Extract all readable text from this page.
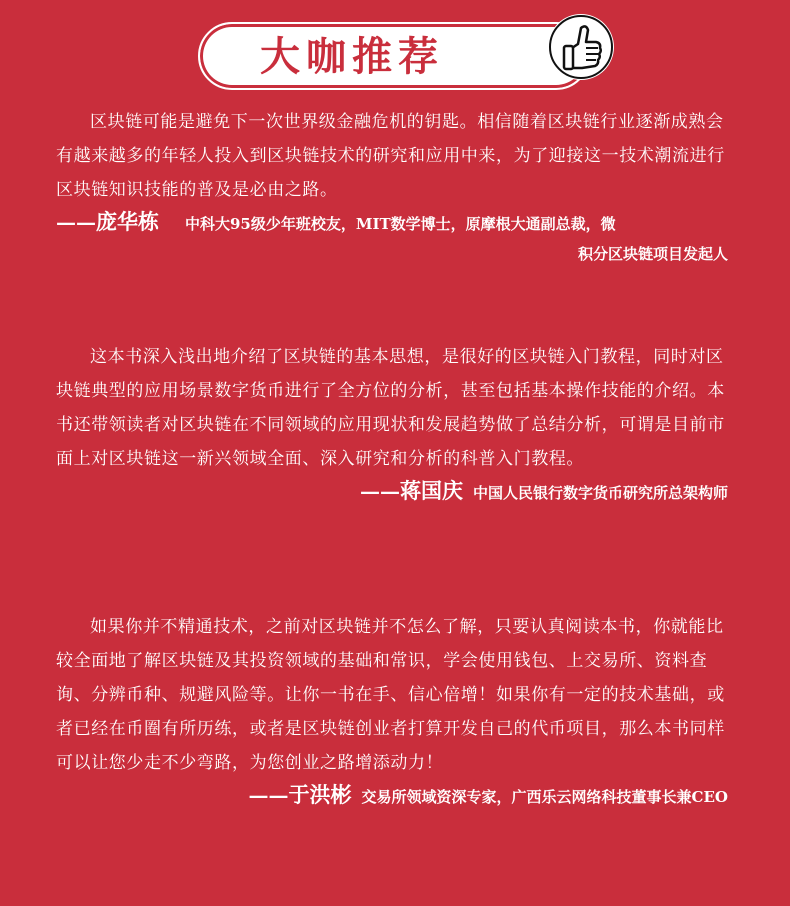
大咖推荐

区块链可能是避免下一次世界级金融危机的钥匙。相信随着区块链行业逐渐成熟会有越来越多的年轻人投入到区块链技术的研究和应用中来，为了迎接这一技术潮流进行区块链知识技能的普及是必由之路。

——庞华栋 中科大95级少年班校友，MIT数学博士，原摩根大通副总裁，微
积分区块链项目发起人

这本书深入浅出地介绍了区块链的基本思想，是很好的区块链入门教程，同时对区块链典型的应用场景数字货币进行了全方位的分析，甚至包括基本操作技能的介绍。本书还带领读者对区块链在不同领域的应用现状和发展趋势做了总结分析，可谓是目前市面上对区块链这一新兴领域全面、深入研究和分析的科普入门教程。

——蒋国庆 中国人民银行数字货币研究所总架构师

如果你并不精通技术，之前对区块链并不怎么了解，只要认真阅读本书，你就能比较全面地了解区块链及其投资领域的基础和常识，学会使用钱包、上交易所、资料查询、分辨币种、规避风险等。让你一书在手、信心倍增！如果你有一定的技术基础，或者已经在币圈有所历练，或者是区块链创业者打算开发自己的代币项目，那么本书同样可以让您少走不少弯路，为您创业之路增添动力！

——于洪彬 交易所领域资深专家，广西乐云网络科技董事长兼CEO
